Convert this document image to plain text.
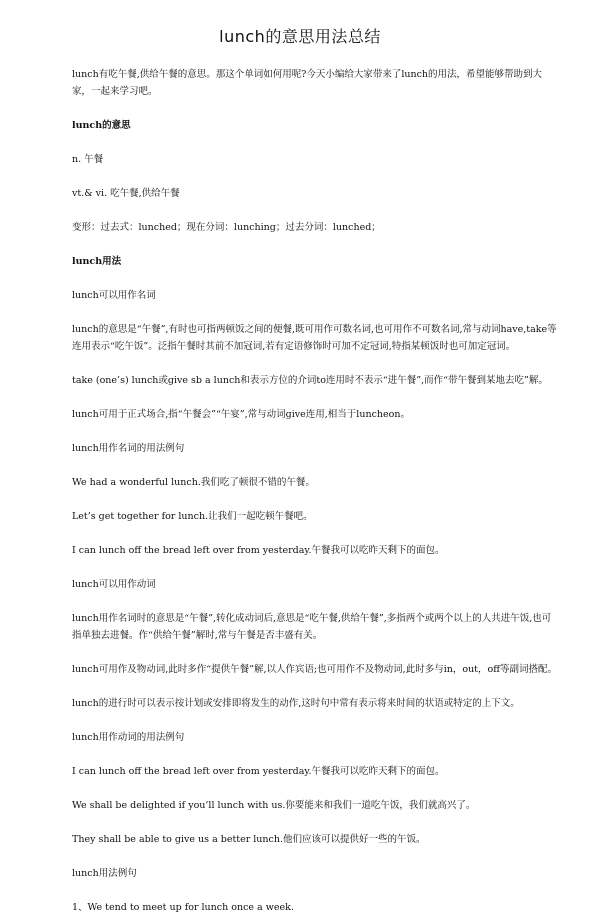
lunch的意思用法总结

lunch有吃午餐,供给午餐的意思。那这个单词如何用呢?今天小编给大家带来了lunch的用法，希望能够帮助到大家，一起来学习吧。

lunch的意思

n. 午餐

vt.& vi. 吃午餐,供给午餐

变形：过去式：lunched；现在分词：lunching；过去分词：lunched；

lunch用法

lunch可以用作名词

lunch的意思是“午餐”,有时也可指两顿饭之间的便餐,既可用作可数名词,也可用作不可数名词,常与动词have,take等连用表示“吃午饭”。泛指午餐时其前不加冠词,若有定语修饰时可加不定冠词,特指某顿饭时也可加定冠词。

take (one’s) lunch或give sb a lunch和表示方位的介词to连用时不表示“进午餐”,而作“带午餐到某地去吃”解。

lunch可用于正式场合,指“午餐会”“午宴”,常与动词give连用,相当于luncheon。

lunch用作名词的用法例句

We had a wonderful lunch.我们吃了顿很不错的午餐。

Let’s get together for lunch.让我们一起吃顿午餐吧。

I can lunch off the bread left over from yesterday.午餐我可以吃昨天剩下的面包。

lunch可以用作动词

lunch用作名词时的意思是“午餐”,转化成动词后,意思是“吃午餐,供给午餐”,多指两个或两个以上的人共进午饭,也可指单独去进餐。作“供给午餐”解时,常与午餐是否丰盛有关。

lunch可用作及物动词,此时多作“提供午餐”解,以人作宾语;也可用作不及物动词,此时多与in，out，off等副词搭配。

lunch的进行时可以表示按计划或安排即将发生的动作,这时句中常有表示将来时间的状语或特定的上下文。

lunch用作动词的用法例句

I can lunch off the bread left over from yesterday.午餐我可以吃昨天剩下的面包。

We shall be delighted if you’ll lunch with us.你要能来和我们一道吃午饭，我们就高兴了。

They shall be able to give us a better lunch.他们应该可以提供好一些的午饭。

lunch用法例句

1、We tend to meet up for lunch once a week.
